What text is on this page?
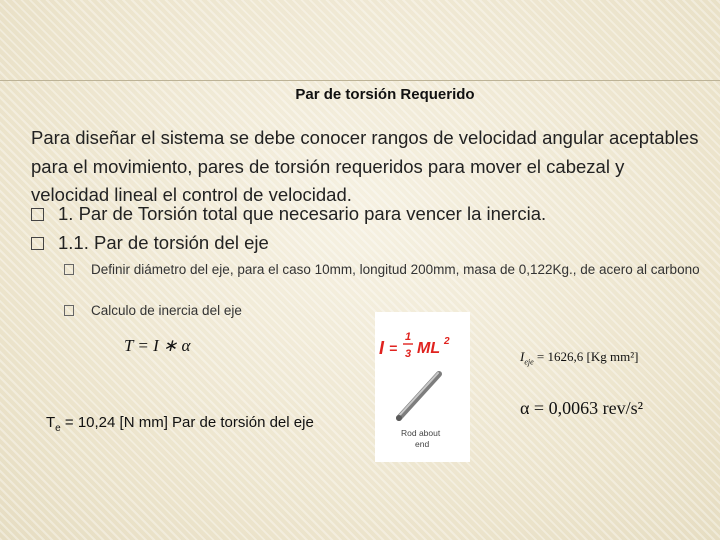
Par de torsión Requerido
Para diseñar el sistema se debe conocer rangos de velocidad angular aceptables para el movimiento, pares de torsión requeridos para mover el cabezal y velocidad lineal el control de velocidad.
1. Par de Torsión total que necesario para vencer la inercia.
1.1. Par de torsión del eje
Definir diámetro del eje, para el caso 10mm, longitud 200mm, masa de 0,122Kg., de acero al carbono
Calculo de inercia del eje
T = I ∗ α	I =
1
3 ML 2
Rod about
end
$I_{eje} = 1626,6$ [Kg mm²]
α = 0,0063 rev/s²
$T_e = 10,24$ [N mm] Par de torsión del eje
